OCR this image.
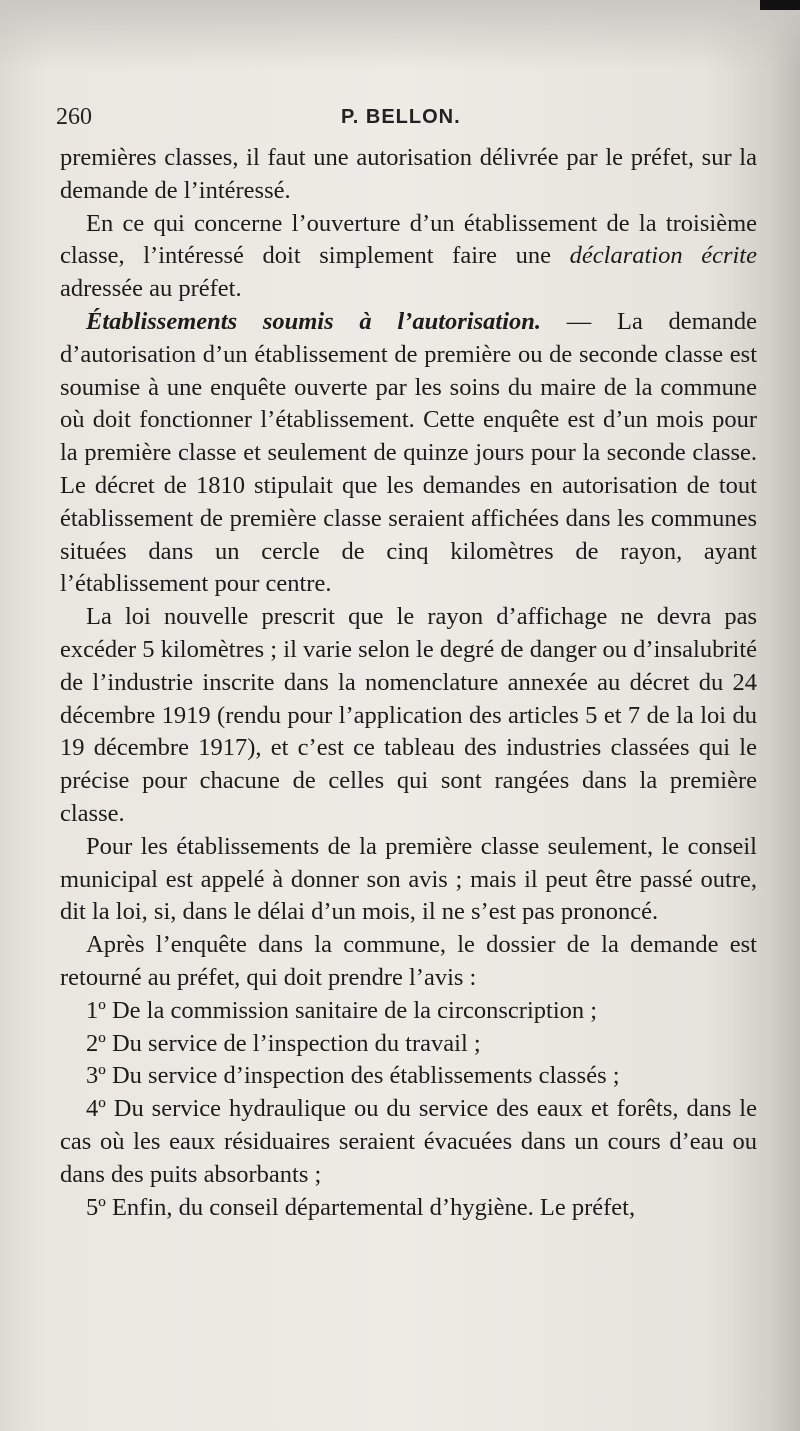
260	P. BELLON.

premières classes, il faut une autorisation délivrée par le préfet, sur la demande de l’intéressé.

En ce qui concerne l’ouverture d’un établissement de la troisième classe, l’intéressé doit simplement faire une déclaration écrite adressée au préfet.

Établissements soumis à l’autorisation. — La demande d’autorisation d’un établissement de première ou de seconde classe est soumise à une enquête ouverte par les soins du maire de la commune où doit fonctionner l’établissement. Cette enquête est d’un mois pour la première classe et seulement de quinze jours pour la seconde classe. Le décret de 1810 stipulait que les demandes en autorisation de tout établissement de première classe seraient affichées dans les communes situées dans un cercle de cinq kilomètres de rayon, ayant l’établissement pour centre.

La loi nouvelle prescrit que le rayon d’affichage ne devra pas excéder 5 kilomètres ; il varie selon le degré de danger ou d’insalubrité de l’industrie inscrite dans la nomenclature annexée au décret du 24 décembre 1919 (rendu pour l’application des articles 5 et 7 de la loi du 19 décembre 1917), et c’est ce tableau des industries classées qui le précise pour chacune de celles qui sont rangées dans la première classe.

Pour les établissements de la première classe seulement, le conseil municipal est appelé à donner son avis ; mais il peut être passé outre, dit la loi, si, dans le délai d’un mois, il ne s’est pas prononcé.

Après l’enquête dans la commune, le dossier de la demande est retourné au préfet, qui doit prendre l’avis :

1º De la commission sanitaire de la circonscription ;

2º Du service de l’inspection du travail ;

3º Du service d’inspection des établissements classés ;

4º Du service hydraulique ou du service des eaux et forêts, dans le cas où les eaux résiduaires seraient évacuées dans un cours d’eau ou dans des puits absorbants ;

5º Enfin, du conseil départemental d’hygiène. Le préfet,
